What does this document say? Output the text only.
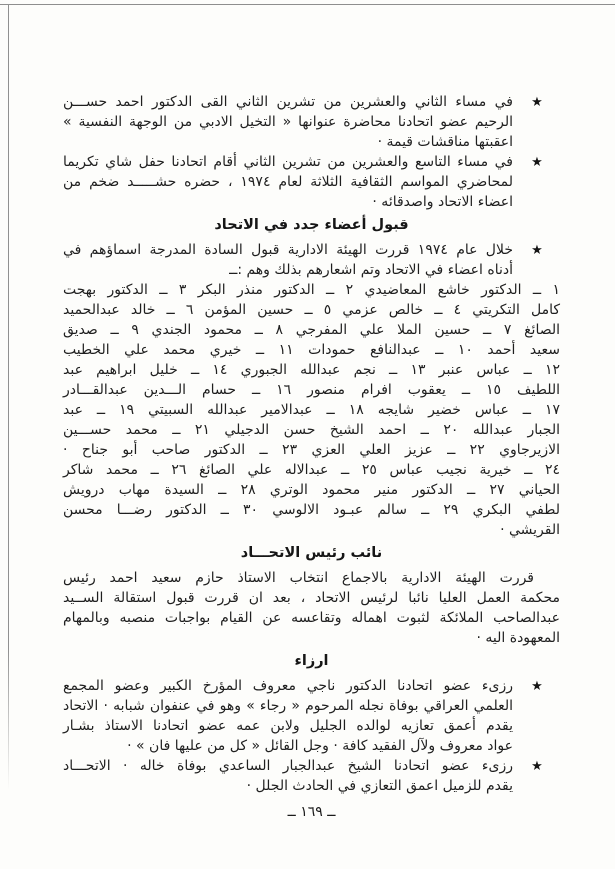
★
في مساء الثاني والعشرين من تشرين الثاني القى الدكتور احمد حســـن
الرحيم عضو اتحادنا محاضرة عنوانها « التخيل الادبي من الوجهة النفسية »
اعقبتها مناقشات قيمة ·
★
في مساء التاسع والعشرين من تشرين الثاني أقام اتحادنا حفل شاي تكريما
لمحاضري المواسم الثقافية الثلاثة لعام ١٩٧٤ ، حضره حشـــــد ضخم من
اعضاء الاتحاد واصدقائه ·
قبول أعضاء جدد في الاتحاد
★
خلال عام ١٩٧٤ قررت الهيئة الادارية قبول السادة المدرجة اسماؤهم في
أدناه اعضاء في الاتحاد وتم اشعارهم بذلك وهم :ــ
١ ــ الدكتور خاشع المعاضيدي ٢ ــ الدكتور منذر البكر ٣ ــ الدكتور بهجت
كامل التكريتي ٤ ــ خالص عزمي ٥ ــ حسين المؤمن ٦ ــ خالد عبدالحميد
الصائغ ٧ ــ حسين الملا علي المفرجي ٨ ــ محمود الجندي ٩ ــ صديق
سعيد أحمد ١٠ ــ عبدالنافع حمودات ١١ ــ خيري محمد علي الخطيب
١٢ ــ عباس عنبر ١٣ ــ نجم عبدالله الجبوري ١٤ ــ خليل ابراهيم عبد
اللطيف ١٥ ــ يعقوب افرام منصور ١٦ ــ حسام الـــدين عبدالقـــادر
١٧ ــ عباس خضير شايجه ١٨ ــ عبدالامير عبدالله السبيتي ١٩ ــ عبد
الجبار عبدالله ٢٠ ــ احمد الشيخ حسن الدجيلي ٢١ ــ محمد حســـين
الازيرجاوي ٢٢ ــ عزيز العلي العزي ٢٣ ــ الدكتور صاحب أبو جناح ·
٢٤ ــ خيرية نجيب عباس ٢٥ ــ عبدالاله علي الصائغ ٢٦ ــ محمد شاكر
الحياني ٢٧ ــ الدكتور منير محمود الوتري ٢٨ ــ السيدة مهاب درويش
لطفي البكري ٢٩ ــ سالم عبـود الالوسي ٣٠ ــ الدكتور رضـــا محسن
القريشي ·
نائب رئيس الاتحـــاد
قررت الهيئة الادارية بالاجماع انتخاب الاستاذ حازم سعيد احمد رئيس
محكمة العمل العليا نائبا لرئيس الاتحاد ، بعد ان قررت قبول استقالة الســيد
عبدالصاحب الملائكة لثبوت اهماله وتقاعسه عن القيام بواجبات منصبه وبالمهام
المعهودة اليه ·
ارزاء
★
رزىء عضو اتحادنا الدكتور ناجي معروف المؤرخ الكبير وعضو المجمع
العلمي العراقي بوفاة نجله المرحوم « رجاء » وهو في عنفوان شبابه · الاتحاد
يقدم أعمق تعازيه لوالده الجليل ولابن عمه عضو اتحادنا الاستاذ بشـار
عواد معروف ولآل الفقيد كافة · وجل القائل « كل من عليها فان » ·
★
رزىء عضو اتحادنا الشيخ عبدالجبار الساعدي بوفاة خاله · الاتحـــاد
يقدم للزميل اعمق التعازي في الحادث الجلل ·
ــ ١٦٩ ــ
